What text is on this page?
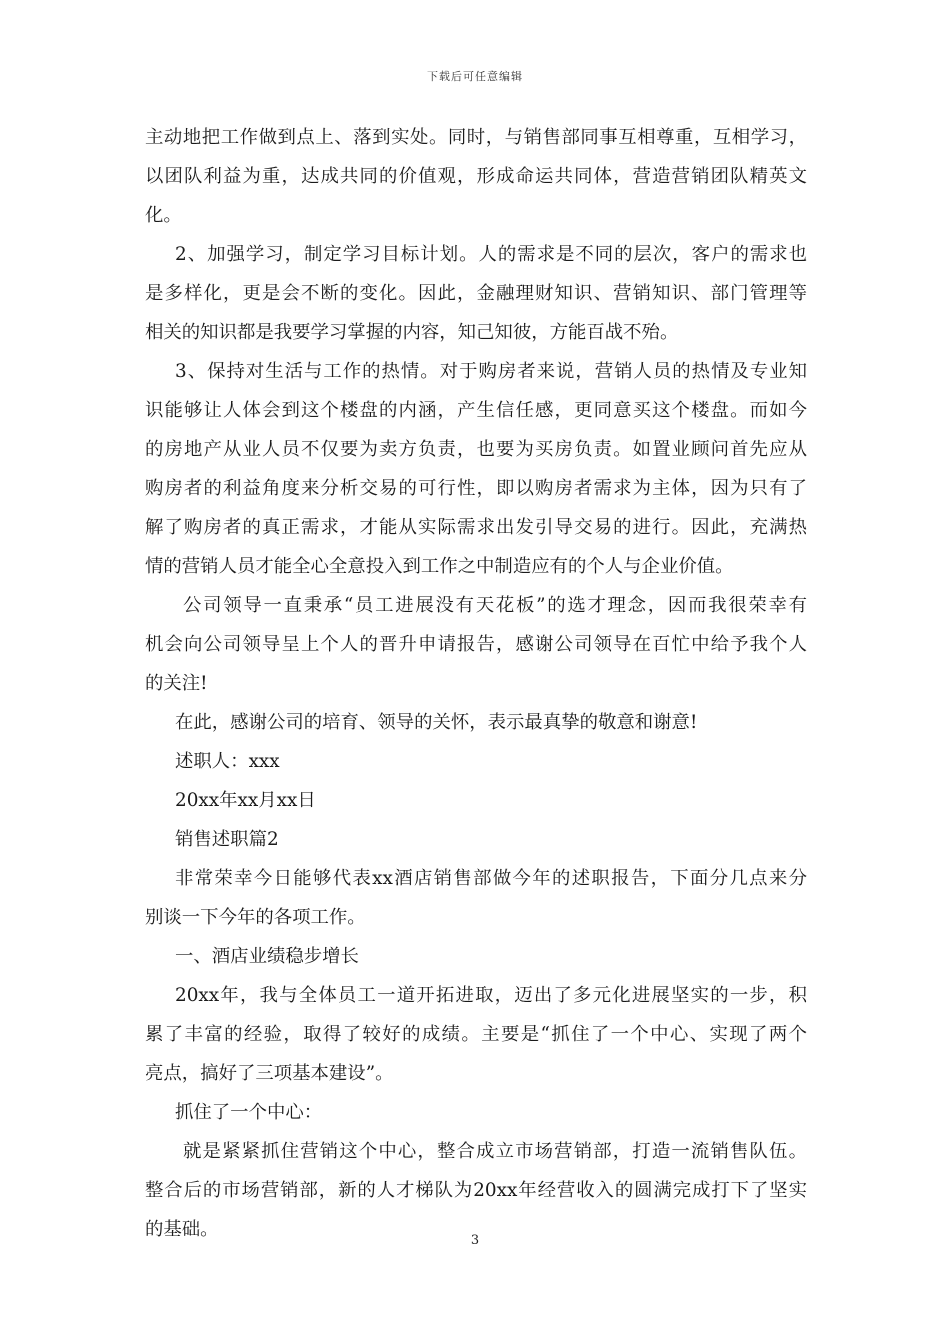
下载后可任意编辑
主动地把工作做到点上、落到实处。同时，与销售部同事互相尊重，互相学习，
以团队利益为重，达成共同的价值观，形成命运共同体，营造营销团队精英文
化。
2、加强学习，制定学习目标计划。人的需求是不同的层次，客户的需求也
是多样化，更是会不断的变化。因此，金融理财知识、营销知识、部门管理等
相关的知识都是我要学习掌握的内容，知己知彼，方能百战不殆。
3、保持对生活与工作的热情。对于购房者来说，营销人员的热情及专业知
识能够让人体会到这个楼盘的内涵，产生信任感，更同意买这个楼盘。而如今
的房地产从业人员不仅要为卖方负责，也要为买房负责。如置业顾问首先应从
购房者的利益角度来分析交易的可行性，即以购房者需求为主体，因为只有了
解了购房者的真正需求，才能从实际需求出发引导交易的进行。因此，充满热
情的营销人员才能全心全意投入到工作之中制造应有的个人与企业价值。
公司领导一直秉承“员工进展没有天花板”的选才理念，因而我很荣幸有
机会向公司领导呈上个人的晋升申请报告，感谢公司领导在百忙中给予我个人
的关注!
在此，感谢公司的培育、领导的关怀，表示最真挚的敬意和谢意!
述职人：xxx
20xx年xx月xx日
销售述职篇2
非常荣幸今日能够代表xx酒店销售部做今年的述职报告，下面分几点来分
别谈一下今年的各项工作。
一、酒店业绩稳步增长
20xx年，我与全体员工一道开拓进取，迈出了多元化进展坚实的一步，积
累了丰富的经验，取得了较好的成绩。主要是“抓住了一个中心、实现了两个
亮点，搞好了三项基本建设”。
抓住了一个中心：
就是紧紧抓住营销这个中心，整合成立市场营销部，打造一流销售队伍。
整合后的市场营销部，新的人才梯队为20xx年经营收入的圆满完成打下了坚实
的基础。
3
